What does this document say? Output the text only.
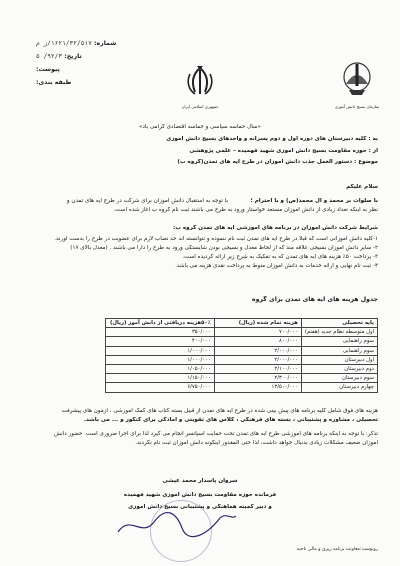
سازمان بسیج دانش آموزی
جمهوری اسلامی ایران
شماره: ۱۶۲۱/۳۲/۵۱۷/ز م
تاریخ: ۹۲/۳/ ۵
پیوست:
طبقه بندی:
«سال حماسه سیاسی و حماسه اقتصادی گرامی باد»
به : کلیه دبیرستان های دوره اول و دوم پسرانه و واحدهای بسیج دانش آموزی
از : حوزه مقاومت بسیج دانش آموزی شهید فهمیده – علمی پژوهشی
موضوع : دستور العمل جذب دانش آموزان در طرح آیه های تمدن(گروه ب)
سلام علیکم
با صلوات بر محمد و آل محمد(ص) و با احترام ؛
با توجه به استقبال دانش آموزان برای شرکت در طرح آیه های تمدن و
نظر به اینکه تعداد زیادی از دانش آموزان مستعد خواستار ورود به طرح می باشند ثبت نام گروه ب آغاز شده است.
شرایط شرکت دانش آموزان در برنامه های آموزشی آیه های تمدن گروه ب:
۱-کلیه دانش آموزانی است که قبلا در طرح آیه های تمدن ثبت نام ننموده و نتوانسته اند حد نصاب لازم برای عضویت در طرح را بدست آورند.
۲- سایر دانش آموزان بسیجی علاقه مند که از لحاظ معدل و بسیجی بودن شایستگی ورود به طرح را دارا می باشند . (معدل بالای ۱۷)
۳- پرداخت ۵۰٪ هزینه های آیه های تمدن که به تفکیک به شرح زیر ارائه گردیده است.
۴- ثبت نام نهایی و ارائه خدمات به دانش آموزان منوط به پرداخت نقدی هزینه می باشد.
جدول هزینه های آیه های تمدن برای گروه
پایه تحصیلی	هزینه تمام شده (ریال)	۵۰٪هزینه دریافتی از دانش آموز (ریال)
اول متوسطه نظام جدید (هفتم)	۷۰۰/۰۰۰	۳۵۰/۰۰۰
سوم راهنمایی	۸۰۰/۰۰۰	۴۰۰/۰۰۰
سوم راهنمایی	۲/۰۰۰/۰۰۰	۱/۰۰۰/۰۰۰
اول دبیرستان	۲/۰۰۰/۰۰۰	۱/۰۰۰/۰۰۰
دوم دبیرستان	۲/۱۰۰/۰۰۰	۱/۰۵۰/۰۰۰
سوم دبیرستان	۲/۳۰۰/۰۰۰	۱/۱۵۰/۰۰۰
چهارم دبیرستان	۱۳/۵۰۰/۰۰۰	۶/۷۵۰/۰۰۰
هزینه های فوق شامل کلیه برنامه های پیش بینی شده در طرح آیه های تمدن از قبیل بسته کتاب های کمک آموزشی ، آزمون های پیشرفت
تحصیلی ، مشاوره و پشتیبانی ، بسته های فرهنگی ، کلاس های تقویتی و آمادگی برای کنکور و ... می باشد.
تذکر: با توجه به اینکه برنامه های آموزشی طرح آیه های تمدن تحت حمایت اسپانسر انجام می گیرد لذا برای اجرا ضروری است. حضور دانش
آموزان ضعیف مشکلات زیادی بدنبال خواهد داشت، لذا حتی المقدور اینگونه دانش آموزان ثبت نام نگردند.
سروان پاسدار محمد عیشی
فرمانده حوزه مقاومت بسیج دانش آموزی شهید فهمیده
و دبیر کمیته هماهنگی و پشتیبانی بسیج دانش آموزی
رونوشت:معاونت برنامه ریزی و مالی ناحیه
